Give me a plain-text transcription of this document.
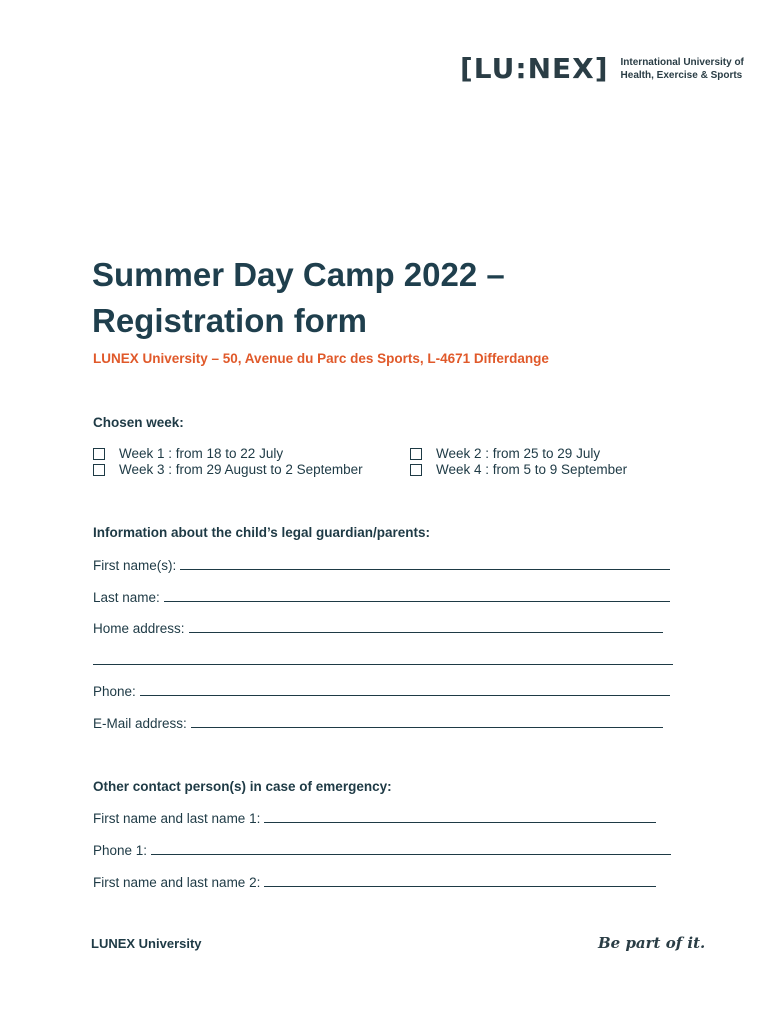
[LU:NEX] International University of
Health, Exercise & Sports
Summer Day Camp 2022 –
Registration form
LUNEX University – 50, Avenue du Parc des Sports, L-4671 Differdange
Chosen week:
Week 1 : from 18 to 22 July	Week 2 : from 25 to 29 July
Week 3 : from 29 August to 2 September	Week 4 : from 5 to 9 September
Information about the child’s legal guardian/parents:
First name(s):
Last name:
Home address:
Phone:
E-Mail address:
Other contact person(s) in case of emergency:
First name and last name 1:
Phone 1:
First name and last name 2:
LUNEX University	Be part of it.
